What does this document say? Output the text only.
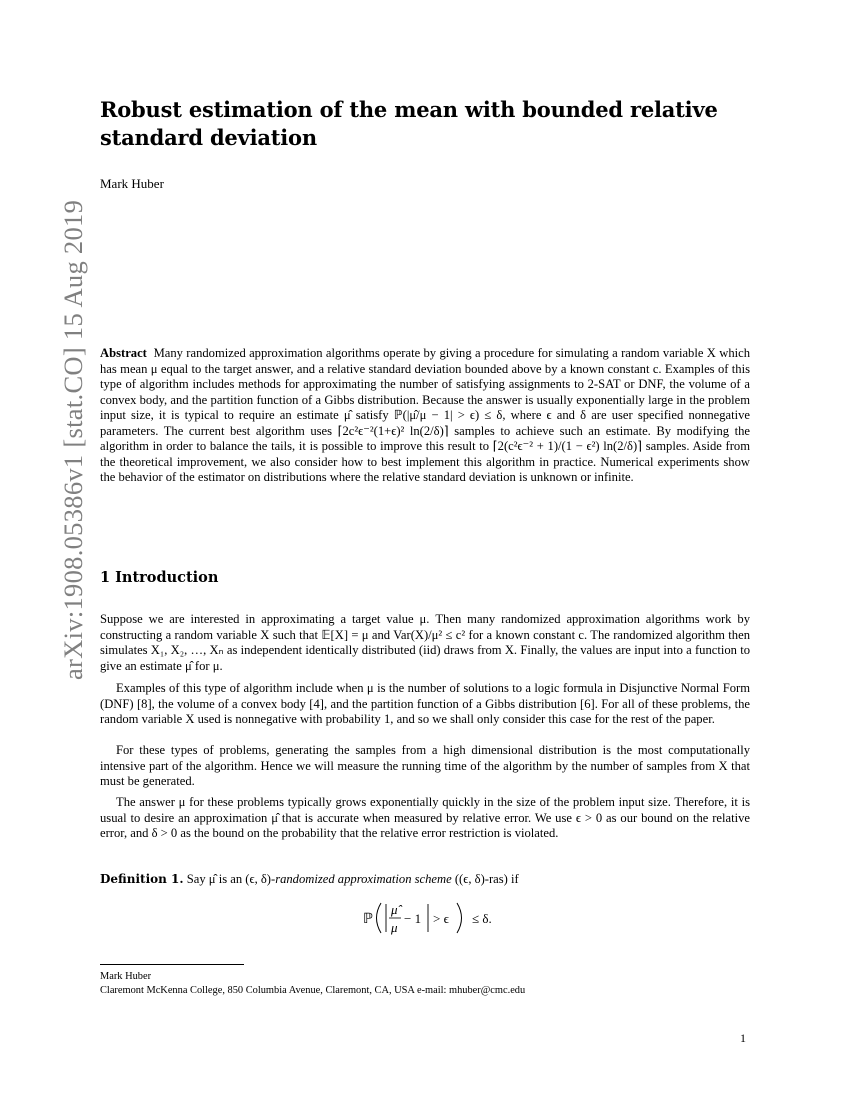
Robust estimation of the mean with bounded relative standard deviation
Mark Huber
arXiv:1908.05386v1 [stat.CO] 15 Aug 2019 Abstract Many randomized approximation algorithms operate by giving a procedure for simulating a random variable X which has mean μ equal to the target answer, and a relative standard deviation bounded above by a known constant c. Examples of this type of algorithm includes methods for approximating the number of satisfying assignments to 2-SAT or DNF, the volume of a convex body, and the partition function of a Gibbs distribution. Because the answer is usually exponentially large in the problem input size, it is typical to require an estimate μ̂ satisfy ℙ(|μ̂/μ − 1| > ϵ) ≤ δ, where ϵ and δ are user specified nonnegative parameters. The current best algorithm uses ⌈2c²ϵ⁻²(1+ϵ)² ln(2/δ)⌉ samples to achieve such an estimate. By modifying the algorithm in order to balance the tails, it is possible to improve this result to ⌈2(c²ϵ⁻² + 1)/(1 − ϵ²) ln(2/δ)⌉ samples. Aside from the theoretical improvement, we also consider how to best implement this algorithm in practice. Numerical experiments show the behavior of the estimator on distributions where the relative standard deviation is unknown or infinite.
1 Introduction
Suppose we are interested in approximating a target value μ. Then many randomized approximation algorithms work by constructing a random variable X such that 𝔼[X] = μ and Var(X)/μ² ≤ c² for a known constant c. The randomized algorithm then simulates X₁, X₂, …, Xₙ as independent identically distributed (iid) draws from X. Finally, the values are input into a function to give an estimate μ̂ for μ.
Examples of this type of algorithm include when μ is the number of solutions to a logic formula in Disjunctive Normal Form (DNF) [8], the volume of a convex body [4], and the partition function of a Gibbs distribution [6]. For all of these problems, the random variable X used is nonnegative with probability 1, and so we shall only consider this case for the rest of the paper.
For these types of problems, generating the samples from a high dimensional distribution is the most computationally intensive part of the algorithm. Hence we will measure the running time of the algorithm by the number of samples from X that must be generated.
The answer μ for these problems typically grows exponentially quickly in the size of the problem input size. Therefore, it is usual to desire an approximation μ̂ that is accurate when measured by relative error. We use ϵ > 0 as our bound on the relative error, and δ > 0 as the bound on the probability that the relative error restriction is violated.
Definition 1. Say μ̂ is an (ϵ, δ)-randomized approximation scheme ((ϵ, δ)-ras) if
ℙ
μ̂
μ
− 1 > ϵ ≤ δ.
Mark Huber
Claremont McKenna College, 850 Columbia Avenue, Claremont, CA, USA e-mail: mhuber@cmc.edu
1
